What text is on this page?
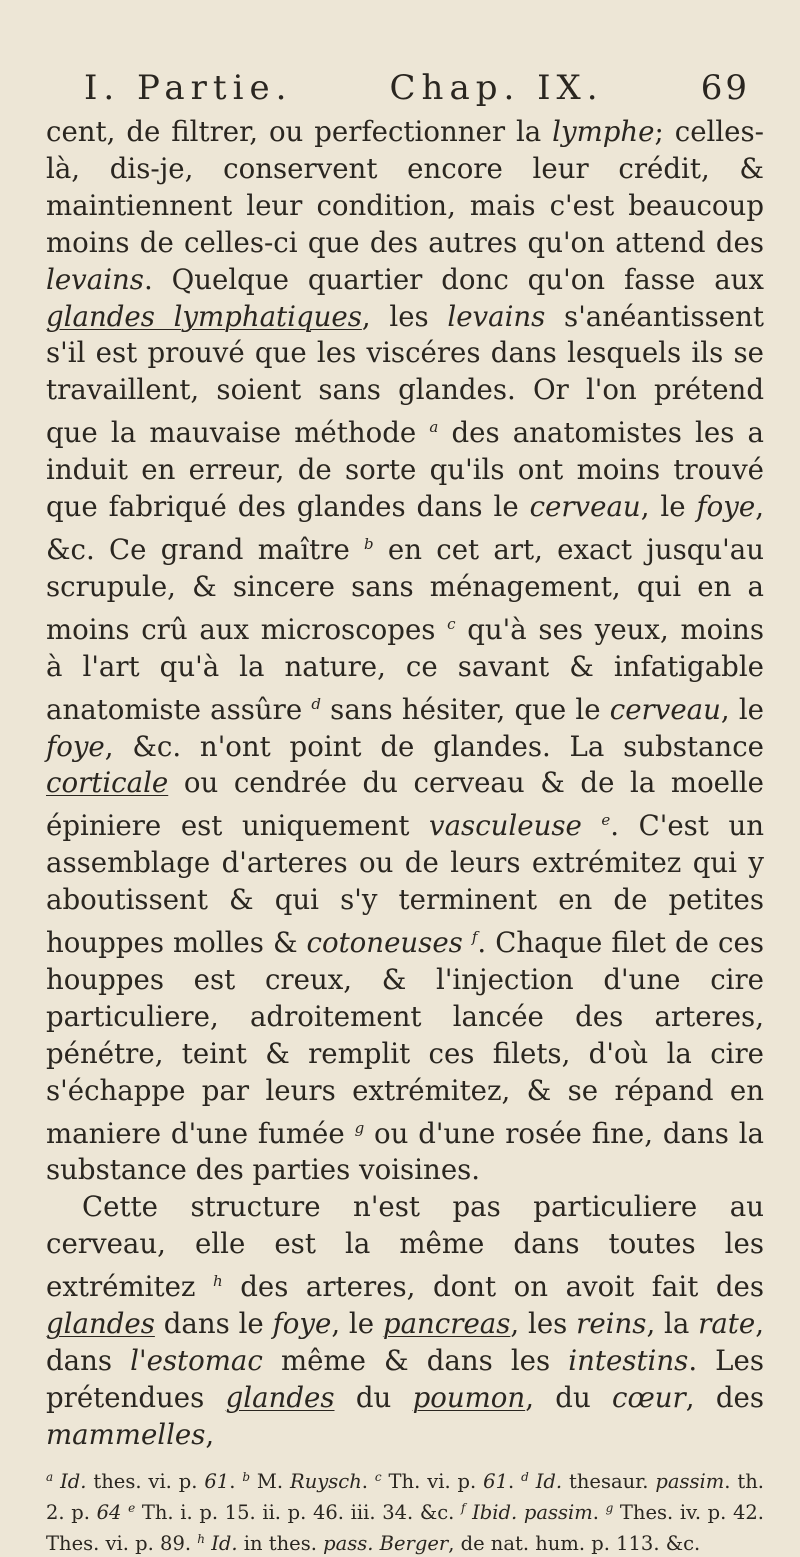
I. Partie.	Chap. IX.	69

cent, de filtrer, ou perfectionner la lymphe; celles-là, dis-je, conservent encore leur crédit, & maintiennent leur condition, mais c'est beaucoup moins de celles-ci que des autres qu'on attend des levains. Quelque quartier donc qu'on fasse aux glandes lymphatiques, les levains s'anéantissent s'il est prouvé que les viscéres dans lesquels ils se travaillent, soient sans glandes. Or l'on prétend que la mauvaise méthode $^a$ des anatomistes les a induit en erreur, de sorte qu'ils ont moins trouvé que fabriqué des glandes dans le cerveau, le foye, &c. Ce grand maître $^b$ en cet art, exact jusqu'au scrupule, & sincere sans ménagement, qui en a moins crû aux microscopes $^c$ qu'à ses yeux, moins à l'art qu'à la nature, ce savant & infatigable anatomiste assûre $^d$ sans hésiter, que le cerveau, le foye, &c. n'ont point de glandes. La substance corticale ou cendrée du cerveau & de la moelle épiniere est uniquement vasculeuse $^e$. C'est un assemblage d'arteres ou de leurs extrémitez qui y aboutissent & qui s'y terminent en de petites houppes molles & cotoneuses $^f$. Chaque filet de ces houppes est creux, & l'injection d'une cire particuliere, adroitement lancée des arteres, pénétre, teint & remplit ces filets, d'où la cire s'échappe par leurs extrémitez, & se répand en maniere d'une fumée $^g$ ou d'une rosée fine, dans la substance des parties voisines.

Cette structure n'est pas particuliere au cerveau, elle est la même dans toutes les extrémitez $^h$ des arteres, dont on avoit fait des glandes dans le foye, le pancreas, les reins, la rate, dans l'estomac même & dans les intestins. Les prétendues glandes du poumon, du cœur, des mammelles,

$^a$ Id. thes. vi. p. 61. $^b$ M. Ruysch. $^c$ Th. vi. p. 61. $^d$ Id. thesaur. passim. th. 2. p. 64 $^e$ Th. i. p. 15. ii. p. 46. iii. 34. &c. $^f$ Ibid. passim. $^g$ Thes. iv. p. 42. Thes. vi. p. 89. $^h$ Id. in thes. pass. Berger, de nat. hum. p. 113. &c.
